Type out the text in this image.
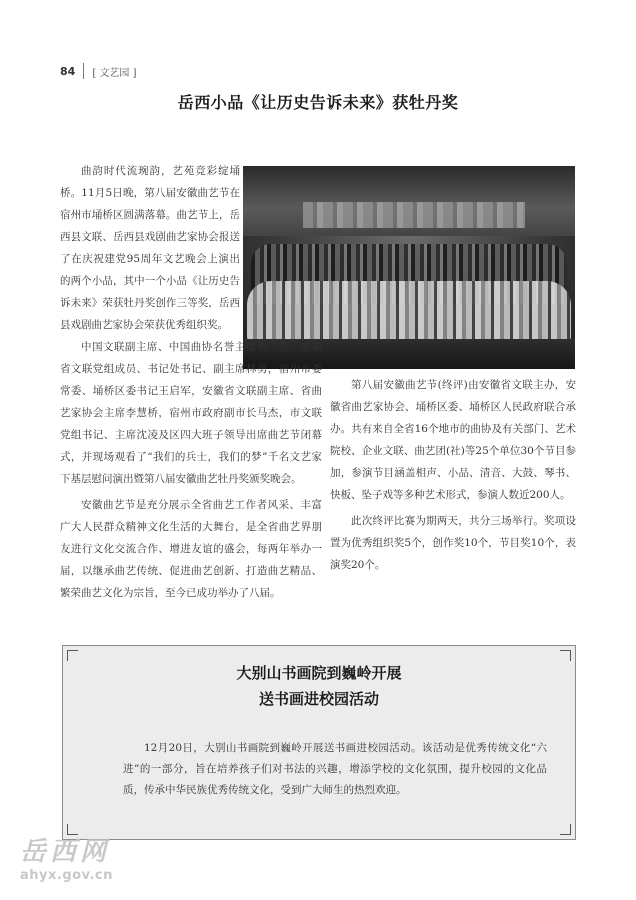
84 [ 文艺园 ]
岳西小品《让历史告诉未来》获牡丹奖

曲韵时代流琬韵，艺苑竞彩绽埇桥。11月5日晚，第八届安徽曲艺节在宿州市埇桥区圆满落幕。曲艺节上，岳西县文联、岳西县戏剧曲艺家协会报送了在庆祝建党95周年文艺晚会上演出的两个小品，其中一个小品《让历史告诉未来》荣获牡丹奖创作三等奖，岳西县戏剧曲艺家协会荣获优秀组织奖。

中国文联副主席、中国曲协名誉主席刘兰芳，安徽省文联党组成员、书记处书记、副主席林勇，宿州市委常委、埇桥区委书记王启军，安徽省文联副主席、省曲艺家协会主席李慧桥，宿州市政府副市长马杰，市文联党组书记、主席沈凌及区四大班子领导出席曲艺节闭幕式，并现场观看了“我们的兵士，我们的梦”千名文艺家下基层慰问演出暨第八届安徽曲艺牡丹奖颁奖晚会。

安徽曲艺节是充分展示全省曲艺工作者风采、丰富广大人民群众精神文化生活的大舞台，是全省曲艺界朋友进行文化交流合作、增进友谊的盛会，每两年举办一届，以继承曲艺传统、促进曲艺创新、打造曲艺精品、繁荣曲艺文化为宗旨，至今已成功举办了八届。

第八届安徽曲艺节(终评)由安徽省文联主办，安徽省曲艺家协会、埇桥区委、埇桥区人民政府联合承办。共有来自全省16个地市的曲协及有关部门、艺术院校、企业文联、曲艺团(社)等25个单位30个节目参加，参演节目涵盖相声、小品、清音、大鼓、琴书、快板、坠子戏等多种艺术形式，参演人数近200人。

此次终评比赛为期两天，共分三场举行。奖项设置为优秀组织奖5个，创作奖10个，节目奖10个，表演奖20个。

大别山书画院到巍岭开展
送书画进校园活动

12月20日，大别山书画院到巍岭开展送书画进校园活动。该活动是优秀传统文化“六进”的一部分，旨在培养孩子们对书法的兴趣，增添学校的文化氛围，提升校园的文化品质，传承中华民族优秀传统文化，受到广大师生的热烈欢迎。

岳西网
ahyx.gov.cn
